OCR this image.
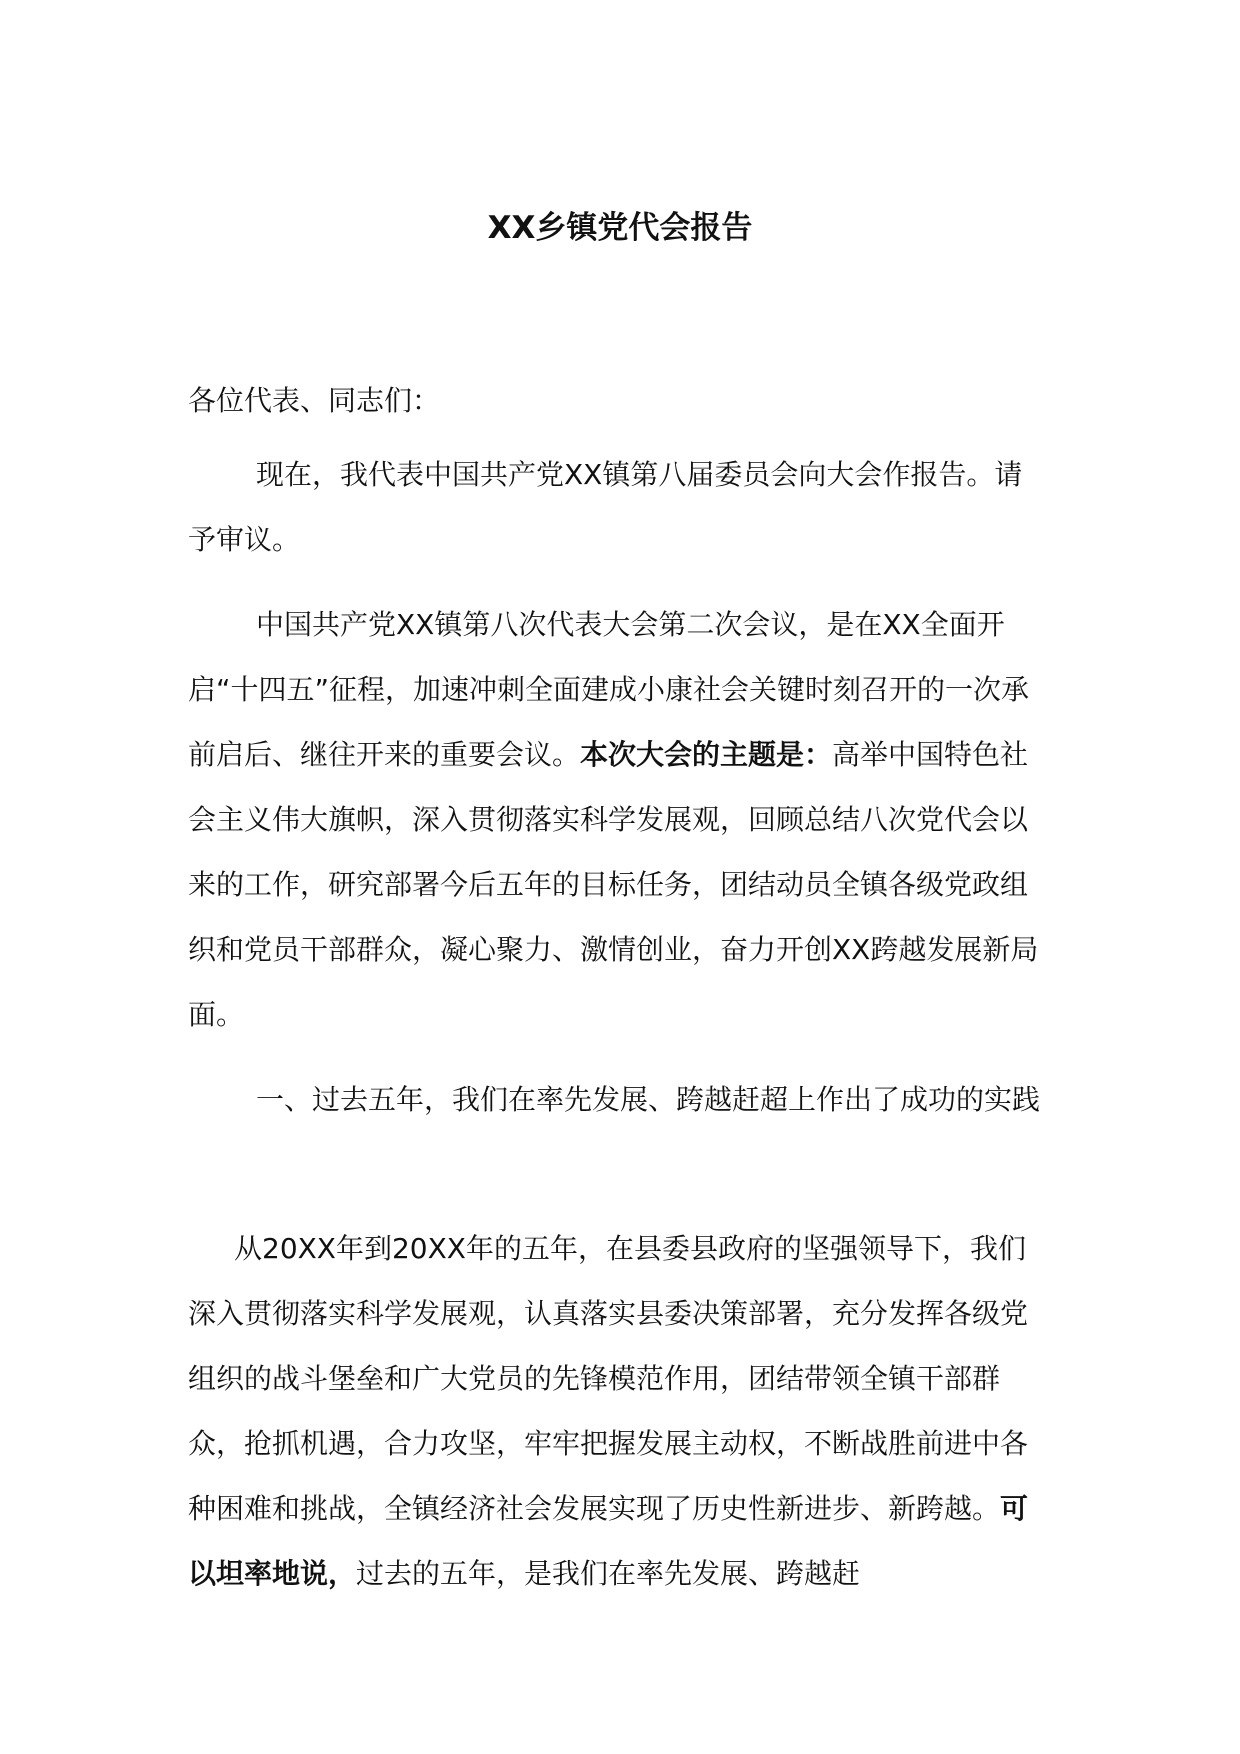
XX乡镇党代会报告

各位代表、同志们：

现在，我代表中国共产党XX镇第八届委员会向大会作报告。请予审议。

中国共产党XX镇第八次代表大会第二次会议，是在XX全面开启“十四五”征程，加速冲刺全面建成小康社会关键时刻召开的一次承前启后、继往开来的重要会议。本次大会的主题是：高举中国特色社会主义伟大旗帜，深入贯彻落实科学发展观，回顾总结八次党代会以来的工作，研究部署今后五年的目标任务，团结动员全镇各级党政组织和党员干部群众，凝心聚力、激情创业，奋力开创XX跨越发展新局面。

一、过去五年，我们在率先发展、跨越赶超上作出了成功的实践

从20XX年到20XX年的五年，在县委县政府的坚强领导下，我们深入贯彻落实科学发展观，认真落实县委决策部署，充分发挥各级党组织的战斗堡垒和广大党员的先锋模范作用，团结带领全镇干部群众，抢抓机遇，合力攻坚，牢牢把握发展主动权，不断战胜前进中各种困难和挑战，全镇经济社会发展实现了历史性新进步、新跨越。可以坦率地说，过去的五年，是我们在率先发展、跨越赶
